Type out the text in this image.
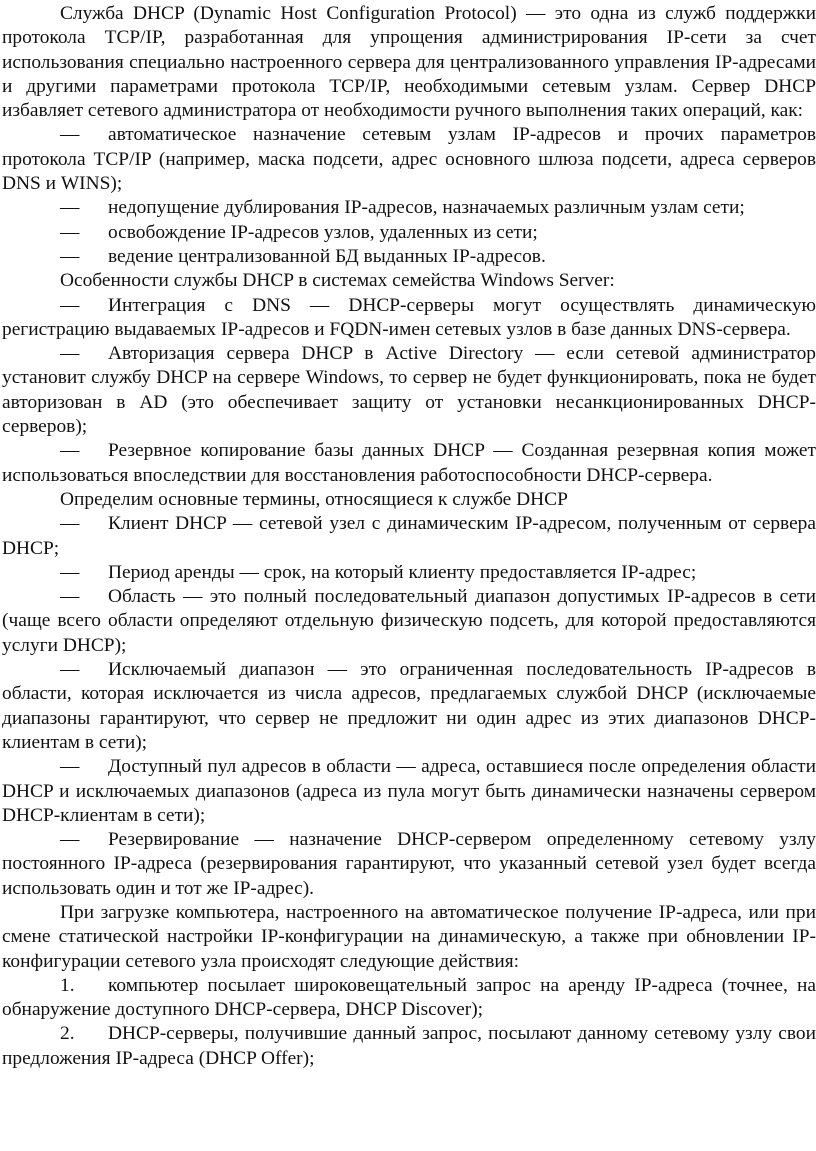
Служба DHCP (Dynamic Host Configuration Protocol) — это одна из служб поддержки протокола TCP/IP, разработанная для упрощения администрирования IP-сети за счет использования специально настроенного сервера для централизованного управления IP-адресами и другими параметрами протокола TCP/IP, необходимыми сетевым узлам. Сервер DHCP избавляет сетевого администратора от необходимости ручного выполнения таких операций, как:

— автоматическое назначение сетевым узлам IP-адресов и прочих параметров протокола TCP/IP (например, маска подсети, адрес основного шлюза подсети, адреса серверов DNS и WINS);

— недопущение дублирования IP-адресов, назначаемых различным узлам сети;

— освобождение IP-адресов узлов, удаленных из сети;

— ведение централизованной БД выданных IP-адресов.

Особенности службы DHCP в системах семейства Windows Server:

— Интеграция с DNS — DHCP-серверы могут осуществлять динамическую регистрацию выдаваемых IP-адресов и FQDN-имен сетевых узлов в базе данных DNS-сервера.

— Авторизация сервера DHCP в Active Directory — если сетевой администратор установит службу DHCP на сервере Windows, то сервер не будет функционировать, пока не будет авторизован в AD (это обеспечивает защиту от установки несанкционированных DHCP-серверов);

— Резервное копирование базы данных DHCP — Созданная резервная копия может использоваться впоследствии для восстановления работоспособности DHCP-сервера.

Определим основные термины, относящиеся к службе DHCP

— Клиент DHCP — сетевой узел с динамическим IP-адресом, полученным от сервера DHCP;

— Период аренды — срок, на который клиенту предоставляется IP-адрес;

— Область — это полный последовательный диапазон допустимых IP-адресов в сети (чаще всего области определяют отдельную физическую подсеть, для которой предоставляются услуги DHCP);

— Исключаемый диапазон — это ограниченная последовательность IP-адресов в области, которая исключается из числа адресов, предлагаемых службой DHCP (исключаемые диапазоны гарантируют, что сервер не предложит ни один адрес из этих диапазонов DHCP-клиентам в сети);

— Доступный пул адресов в области — адреса, оставшиеся после определения области DHCP и исключаемых диапазонов (адреса из пула могут быть динамически назначены сервером DHCP-клиентам в сети);

— Резервирование — назначение DHCP-сервером определенному сетевому узлу постоянного IP-адреса (резервирования гарантируют, что указанный сетевой узел будет всегда использовать один и тот же IP-адрес).

При загрузке компьютера, настроенного на автоматическое получение IP-адреса, или при смене статической настройки IP-конфигурации на динамическую, а также при обновлении IP-конфигурации сетевого узла происходят следующие действия:

1. компьютер посылает широковещательный запрос на аренду IP-адреса (точнее, на обнаружение доступного DHCP-сервера, DHCP Discover);

2. DHCP-серверы, получившие данный запрос, посылают данному сетевому узлу свои предложения IP-адреса (DHCP Offer);
